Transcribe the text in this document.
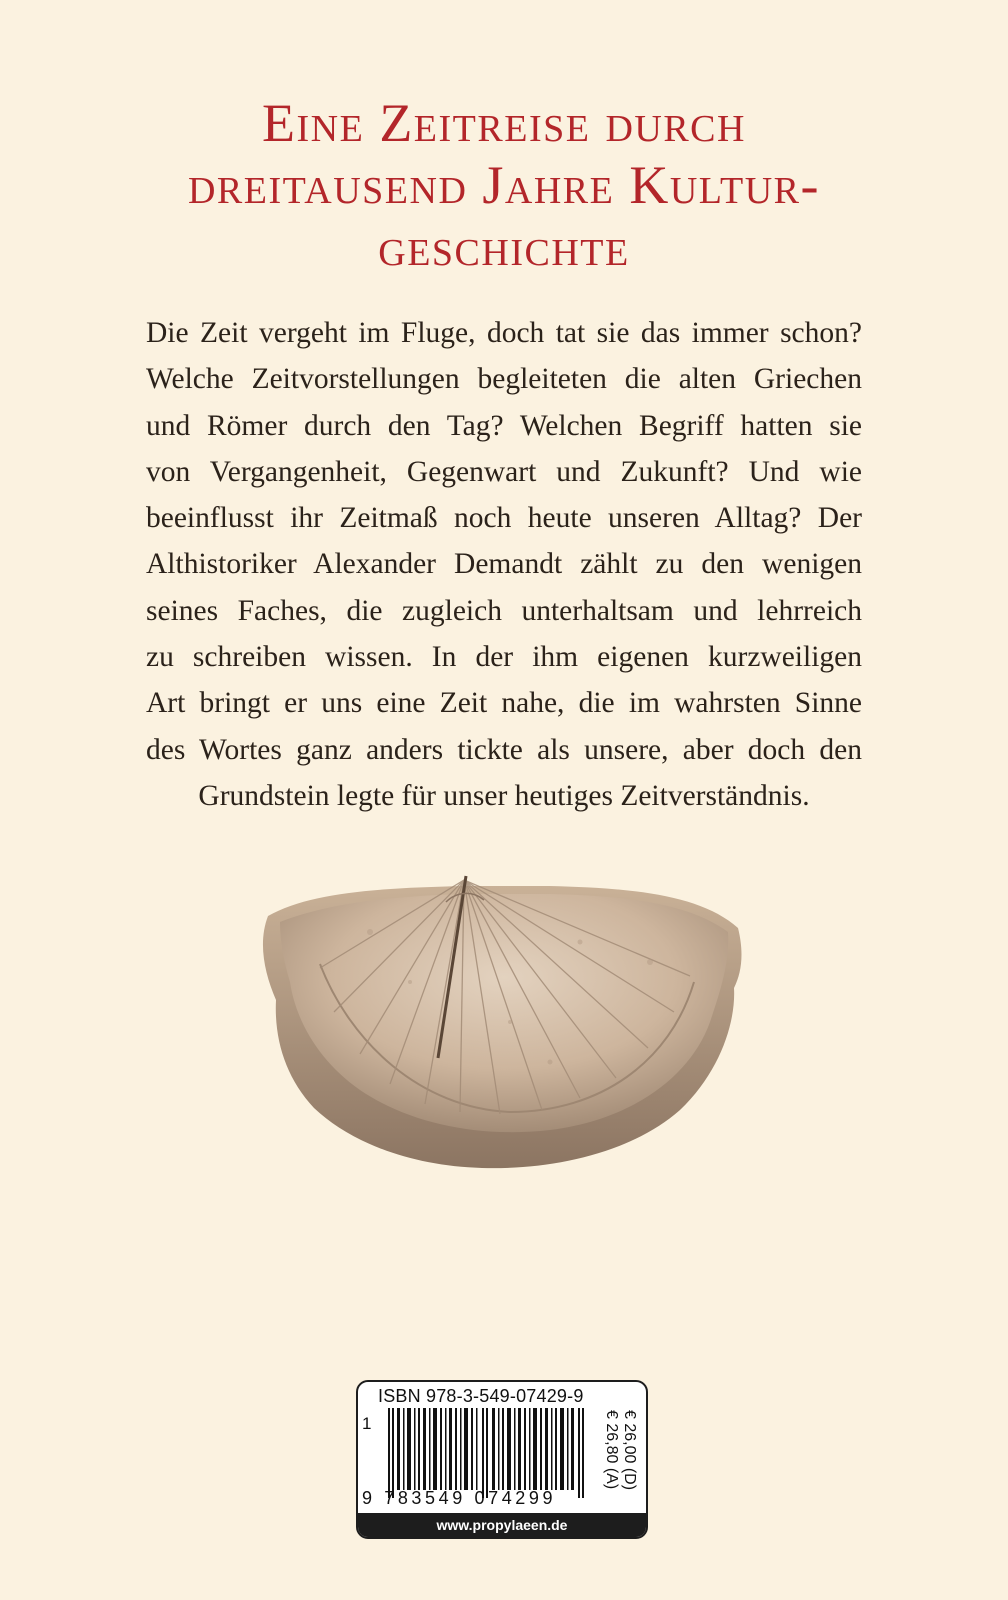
Eine Zeitreise durch
dreitausend Jahre Kultur-
geschichte
Die Zeit vergeht im Fluge, doch tat sie das immer schon?
Welche Zeitvorstellungen begleiteten die alten Griechen
und Römer durch den Tag? Welchen Begriff hatten sie
von Vergangenheit, Gegenwart und Zukunft? Und wie
beeinflusst ihr Zeitmaß noch heute unseren Alltag? Der
Althistoriker Alexander Demandt zählt zu den wenigen
seines Faches, die zugleich unterhaltsam und lehrreich
zu schreiben wissen. In der ihm eigenen kurzweiligen
Art bringt er uns eine Zeit nahe, die im wahrsten Sinne
des Wortes ganz anders tickte als unsere, aber doch den
Grundstein legte für unser heutiges Zeitverständnis.
ISBN 978-3-549-07429-9
1
9 783549 074299
€ 26,00 (D)
€ 26,80 (A)
www.propylaeen.de
